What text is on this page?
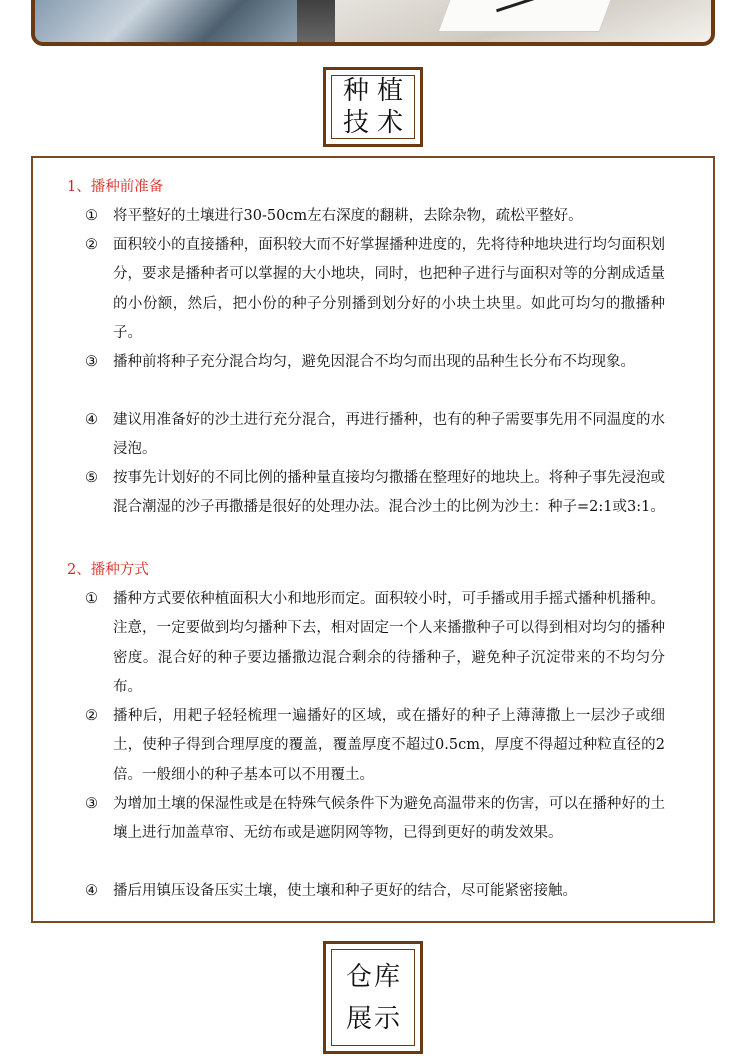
种植
技术
1、播种前准备
①	将平整好的土壤进行30-50cm左右深度的翻耕，去除杂物，疏松平整好。
②	面积较小的直接播种，面积较大而不好掌握播种进度的，先将待种地块进行均匀面积划分，要求是播种者可以掌握的大小地块，同时，也把种子进行与面积对等的分割成适量的小份额，然后，把小份的种子分别播到划分好的小块土块里。如此可均匀的撒播种子。
③	播种前将种子充分混合均匀，避免因混合不均匀而出现的品种生长分布不均现象。
④	建议用准备好的沙土进行充分混合，再进行播种，也有的种子需要事先用不同温度的水浸泡。
⑤	按事先计划好的不同比例的播种量直接均匀撒播在整理好的地块上。将种子事先浸泡或混合潮湿的沙子再撒播是很好的处理办法。混合沙土的比例为沙土：种子=2:1或3:1。
2、播种方式
①	播种方式要依种植面积大小和地形而定。面积较小时，可手播或用手摇式播种机播种。注意，一定要做到均匀播种下去，相对固定一个人来播撒种子可以得到相对均匀的播种密度。混合好的种子要边播撒边混合剩余的待播种子，避免种子沉淀带来的不均匀分布。
②	播种后，用耙子轻轻梳理一遍播好的区域，或在播好的种子上薄薄撒上一层沙子或细土，使种子得到合理厚度的覆盖，覆盖厚度不超过0.5cm，厚度不得超过种粒直径的2倍。一般细小的种子基本可以不用覆土。
③	为增加土壤的保湿性或是在特殊气候条件下为避免高温带来的伤害，可以在播种好的土壤上进行加盖草帘、无纺布或是遮阴网等物，已得到更好的萌发效果。
④	播后用镇压设备压实土壤，使土壤和种子更好的结合，尽可能紧密接触。
仓库
展示
